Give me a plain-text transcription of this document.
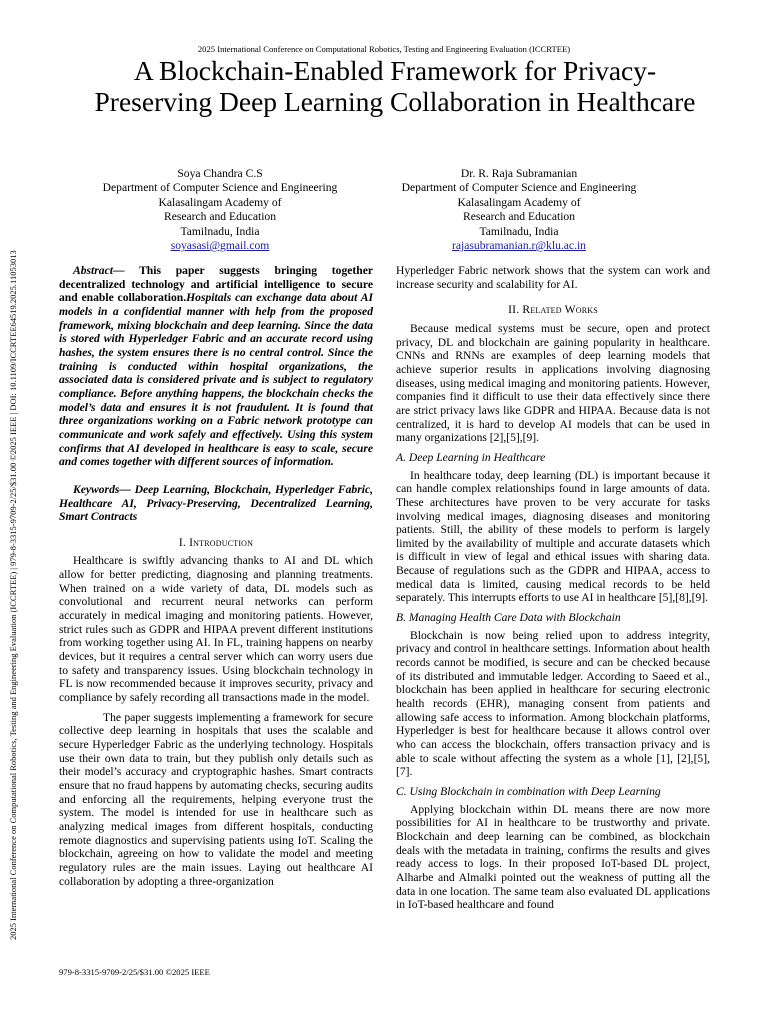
2025 International Conference on Computational Robotics, Testing and Engineering Evaluation (ICCRTEE)
2025 International Conference on Computational Robotics, Testing and Engineering Evaluation (ICCRTEE) | 979-8-3315-9709-2/25/$31.00 ©2025 IEEE | DOI: 10.1109/ICCRTEE64519.2025.11053013
A Blockchain-Enabled Framework for Privacy-Preserving Deep Learning Collaboration in Healthcare
Soya Chandra C.S
Department of Computer Science and Engineering
Kalasalingam Academy of
Research and Education
Tamilnadu, India
soyasasi@gmail.com
Dr. R. Raja Subramanian
Department of Computer Science and Engineering
Kalasalingam Academy of
Research and Education
Tamilnadu, India
rajasubramanian.r@klu.ac.in

Abstract— This paper suggests bringing together decentralized technology and artificial intelligence to secure and enable collaboration.Hospitals can exchange data about AI models in a confidential manner with help from the proposed framework, mixing blockchain and deep learning. Since the data is stored with Hyperledger Fabric and an accurate record using hashes, the system ensures there is no central control. Since the training is conducted within hospital organizations, the associated data is considered private and is subject to regulatory compliance. Before anything happens, the blockchain checks the model’s data and ensures it is not fraudulent. It is found that three organizations working on a Fabric network prototype can communicate and work safely and effectively. Using this system confirms that AI developed in healthcare is easy to scale, secure and comes together with different sources of information.

Keywords— Deep Learning, Blockchain, Hyperledger Fabric, Healthcare AI, Privacy-Preserving, Decentralized Learning, Smart Contracts

I. Introduction

Healthcare is swiftly advancing thanks to AI and DL which allow for better predicting, diagnosing and planning treatments. When trained on a wide variety of data, DL models such as convolutional and recurrent neural networks can perform accurately in medical imaging and monitoring patients. However, strict rules such as GDPR and HIPAA prevent different institutions from working together using AI. In FL, training happens on nearby devices, but it requires a central server which can worry users due to safety and transparency issues. Using blockchain technology in FL is now recommended because it improves security, privacy and compliance by safely recording all transactions made in the model.

The paper suggests implementing a framework for secure collective deep learning in hospitals that uses the scalable and secure Hyperledger Fabric as the underlying technology. Hospitals use their own data to train, but they publish only details such as their model’s accuracy and cryptographic hashes. Smart contracts ensure that no fraud happens by automating checks, securing audits and enforcing all the requirements, helping everyone trust the system. The model is intended for use in healthcare such as analyzing medical images from different hospitals, conducting remote diagnostics and supervising patients using IoT. Scaling the blockchain, agreeing on how to validate the model and meeting regulatory rules are the main issues. Laying out healthcare AI collaboration by adopting a three-organization

Hyperledger Fabric network shows that the system can work and increase security and scalability for AI.

II. Related Works

Because medical systems must be secure, open and protect privacy, DL and blockchain are gaining popularity in healthcare. CNNs and RNNs are examples of deep learning models that achieve superior results in applications involving diagnosing diseases, using medical imaging and monitoring patients. However, companies find it difficult to use their data effectively since there are strict privacy laws like GDPR and HIPAA. Because data is not centralized, it is hard to develop AI models that can be used in many organizations [2],[5],[9].

A. Deep Learning in Healthcare

In healthcare today, deep learning (DL) is important because it can handle complex relationships found in large amounts of data. These architectures have proven to be very accurate for tasks involving medical images, diagnosing diseases and monitoring patients. Still, the ability of these models to perform is largely limited by the availability of multiple and accurate datasets which is difficult in view of legal and ethical issues with sharing data. Because of regulations such as the GDPR and HIPAA, access to medical data is limited, causing medical records to be held separately. This interrupts efforts to use AI in healthcare [5],[8],[9].

B. Managing Health Care Data with Blockchain

Blockchain is now being relied upon to address integrity, privacy and control in healthcare settings. Information about health records cannot be modified, is secure and can be checked because of its distributed and immutable ledger. According to Saeed et al., blockchain has been applied in healthcare for securing electronic health records (EHR), managing consent from patients and allowing safe access to information. Among blockchain platforms, Hyperledger is best for healthcare because it allows control over who can access the blockchain, offers transaction privacy and is able to scale without affecting the system as a whole [1], [2],[5],[7].

C. Using Blockchain in combination with Deep Learning

Applying blockchain within DL means there are now more possibilities for AI in healthcare to be trustworthy and private. Blockchain and deep learning can be combined, as blockchain deals with the metadata in training, confirms the results and gives ready access to logs. In their proposed IoT-based DL project, Alharbe and Almalki pointed out the weakness of putting all the data in one location. The same team also evaluated DL applications in IoT-based healthcare and found

979-8-3315-9709-2/25/$31.00 ©2025 IEEE
